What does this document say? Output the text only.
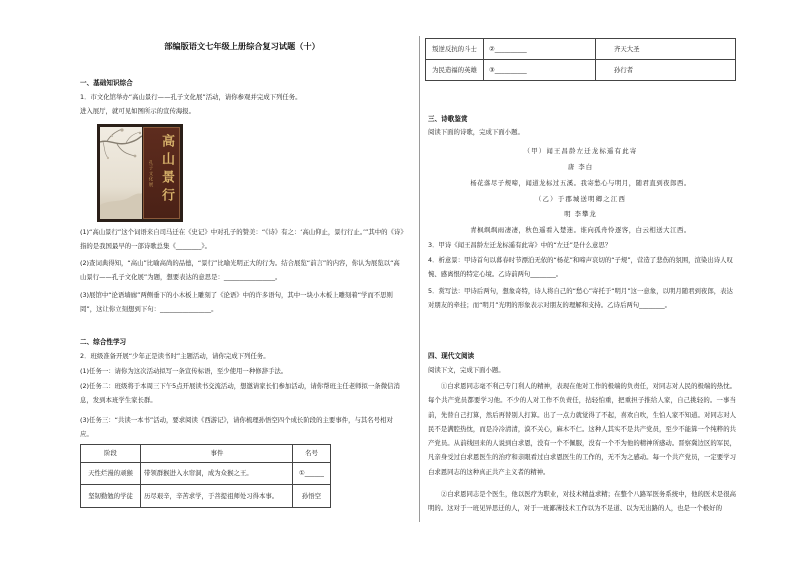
部编版语文七年级上册综合复习试题（十）

一、基础知识综合

1．市文化馆举办“高山景行——孔子文化展”活动，请你参观并完成下列任务。

进入展厅，就可见如图所示的宣传海报。

高山景行
孔子文化展

(1)“高山景行”这个词语来自司马迁在《史记》中对孔子的赞美：“《诗》有之：‘高山仰止，景行行止。’”其中的《诗》指的是我国最早的一部诗歌总集《________》。

(2)查词典得知，“高山”比喻高尚的品德，“景行”比喻光明正大的行为。结合展览“前言”的内容，你认为展览以“高山景行——孔子文化展”为题，想要表达的意思是：________________。

(3)展馆中“论语墙廊”两侧垂下的小木板上雕刻了《论语》中的许多语句，其中一块小木板上雕刻着“学而不思则罔”，这让你立刻想到下句：________________。

二、综合性学习

2．班级准备开展“少年正是读书时”主题活动，请你完成下列任务。

(1)任务一：请你为这次活动拟写一条宣传标语，至少使用一种修辞手法。

(2)任务二：班级将于本周三下午5点开展读书交流活动，想邀请家长们参加活动，请你帮班主任老师拟一条微信消息，发到本班学生家长群。

(3)任务三：“共读一本书”活动，要求阅读《西游记》，请你梳理孙悟空四个成长阶段的主要事件，与其名号相对应。

阶段	事件	名号
天性烂漫的顽猴	带领群猴进入水帘洞，成为众猴之王。	①______
坚韧勤勉的学徒	历尽艰辛，辛苦求学，于菩提祖师处习得本事。	孙悟空
叛逆反抗的斗士	②__________	齐天大圣
为民造福的英雄	③__________	孙行者

三、诗歌鉴赏

阅读下面的诗歌，完成下面小题。

（甲）闻王昌龄左迁龙标遥有此寄

唐 李白

杨花落尽子规啼，闻道龙标过五溪。我寄愁心与明月，随君直到夜郎西。

（乙）于郡城送明卿之江西

明 李攀龙

青枫飒飒雨凄凄，秋色遥看入楚迷。谁向孤舟怜逐客，白云相送大江西。

3．甲诗《闻王昌龄左迁龙标遥有此寄》中的“左迁”是什么意思？

4．析意景：甲诗首句以暮春时节漂泊无依的“杨花”和啼声哀切的“子规”，营造了悲伤的氛围，渲染出诗人叹惋、感离恨的特定心境。乙诗前两句________。

5．赏写法：甲诗后两句，想象奇特，诗人将自己的“愁心”寄托于“明月”这一意象，以明月随君到夜郎，表达对朋友的牵挂；而“明月”光明的形象表示对朋友的理解和支持。乙诗后两句________。

四、现代文阅读

阅读下文，完成下面小题。

①白求恩同志毫不利己专门利人的精神，表现在他对工作的极端的负责任，对同志对人民的极端的热忱。每个共产党员都要学习他。不少的人对工作不负责任，拈轻怕重，把重担子推给人家，自己挑轻的。一事当前，先替自己打算，然后再替别人打算。出了一点力就觉得了不起，喜欢自吹，生怕人家不知道。对同志对人民不是满腔热忱，而是冷冷清清，漠不关心，麻木不仁。这种人其实不是共产党员，至少不能算一个纯粹的共产党员。从前线回来的人说到白求恩，没有一个不佩服，没有一个不为他的精神所感动。晋察冀边区的军民，凡亲身受过白求恩医生的治疗和亲眼看过白求恩医生的工作的，无不为之感动。每一个共产党员，一定要学习白求恩同志的这种真正共产主义者的精神。

②白求恩同志是个医生，他以医疗为职业，对技术精益求精；在整个八路军医务系统中，他的医术是很高明的。这对于一班见异思迁的人，对于一班鄙薄技术工作以为不足道、以为无出路的人，也是一个极好的
